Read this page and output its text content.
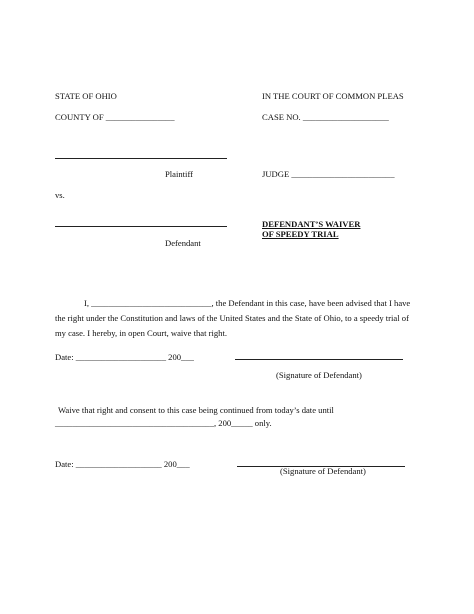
STATE OF OHIO
COUNTY OF ________________
IN THE COURT OF COMMON PLEAS
CASE NO. ____________________
Plaintiff	JUDGE ________________________
vs.
Defendant
DEFENDANT’S WAIVER
OF SPEEDY TRIAL
I, ____________________________, the Defendant in this case, have been advised that I have
the right under the Constitution and laws of the United States and the State of Ohio, to a speedy trial of
my case. I hereby, in open Court, waive that right.
Date: _____________________ 200___
(Signature of Defendant)
Waive that right and consent to this case being continued from today’s date until
_____________________________________, 200_____ only.
Date: ____________________ 200___
(Signature of Defendant)
